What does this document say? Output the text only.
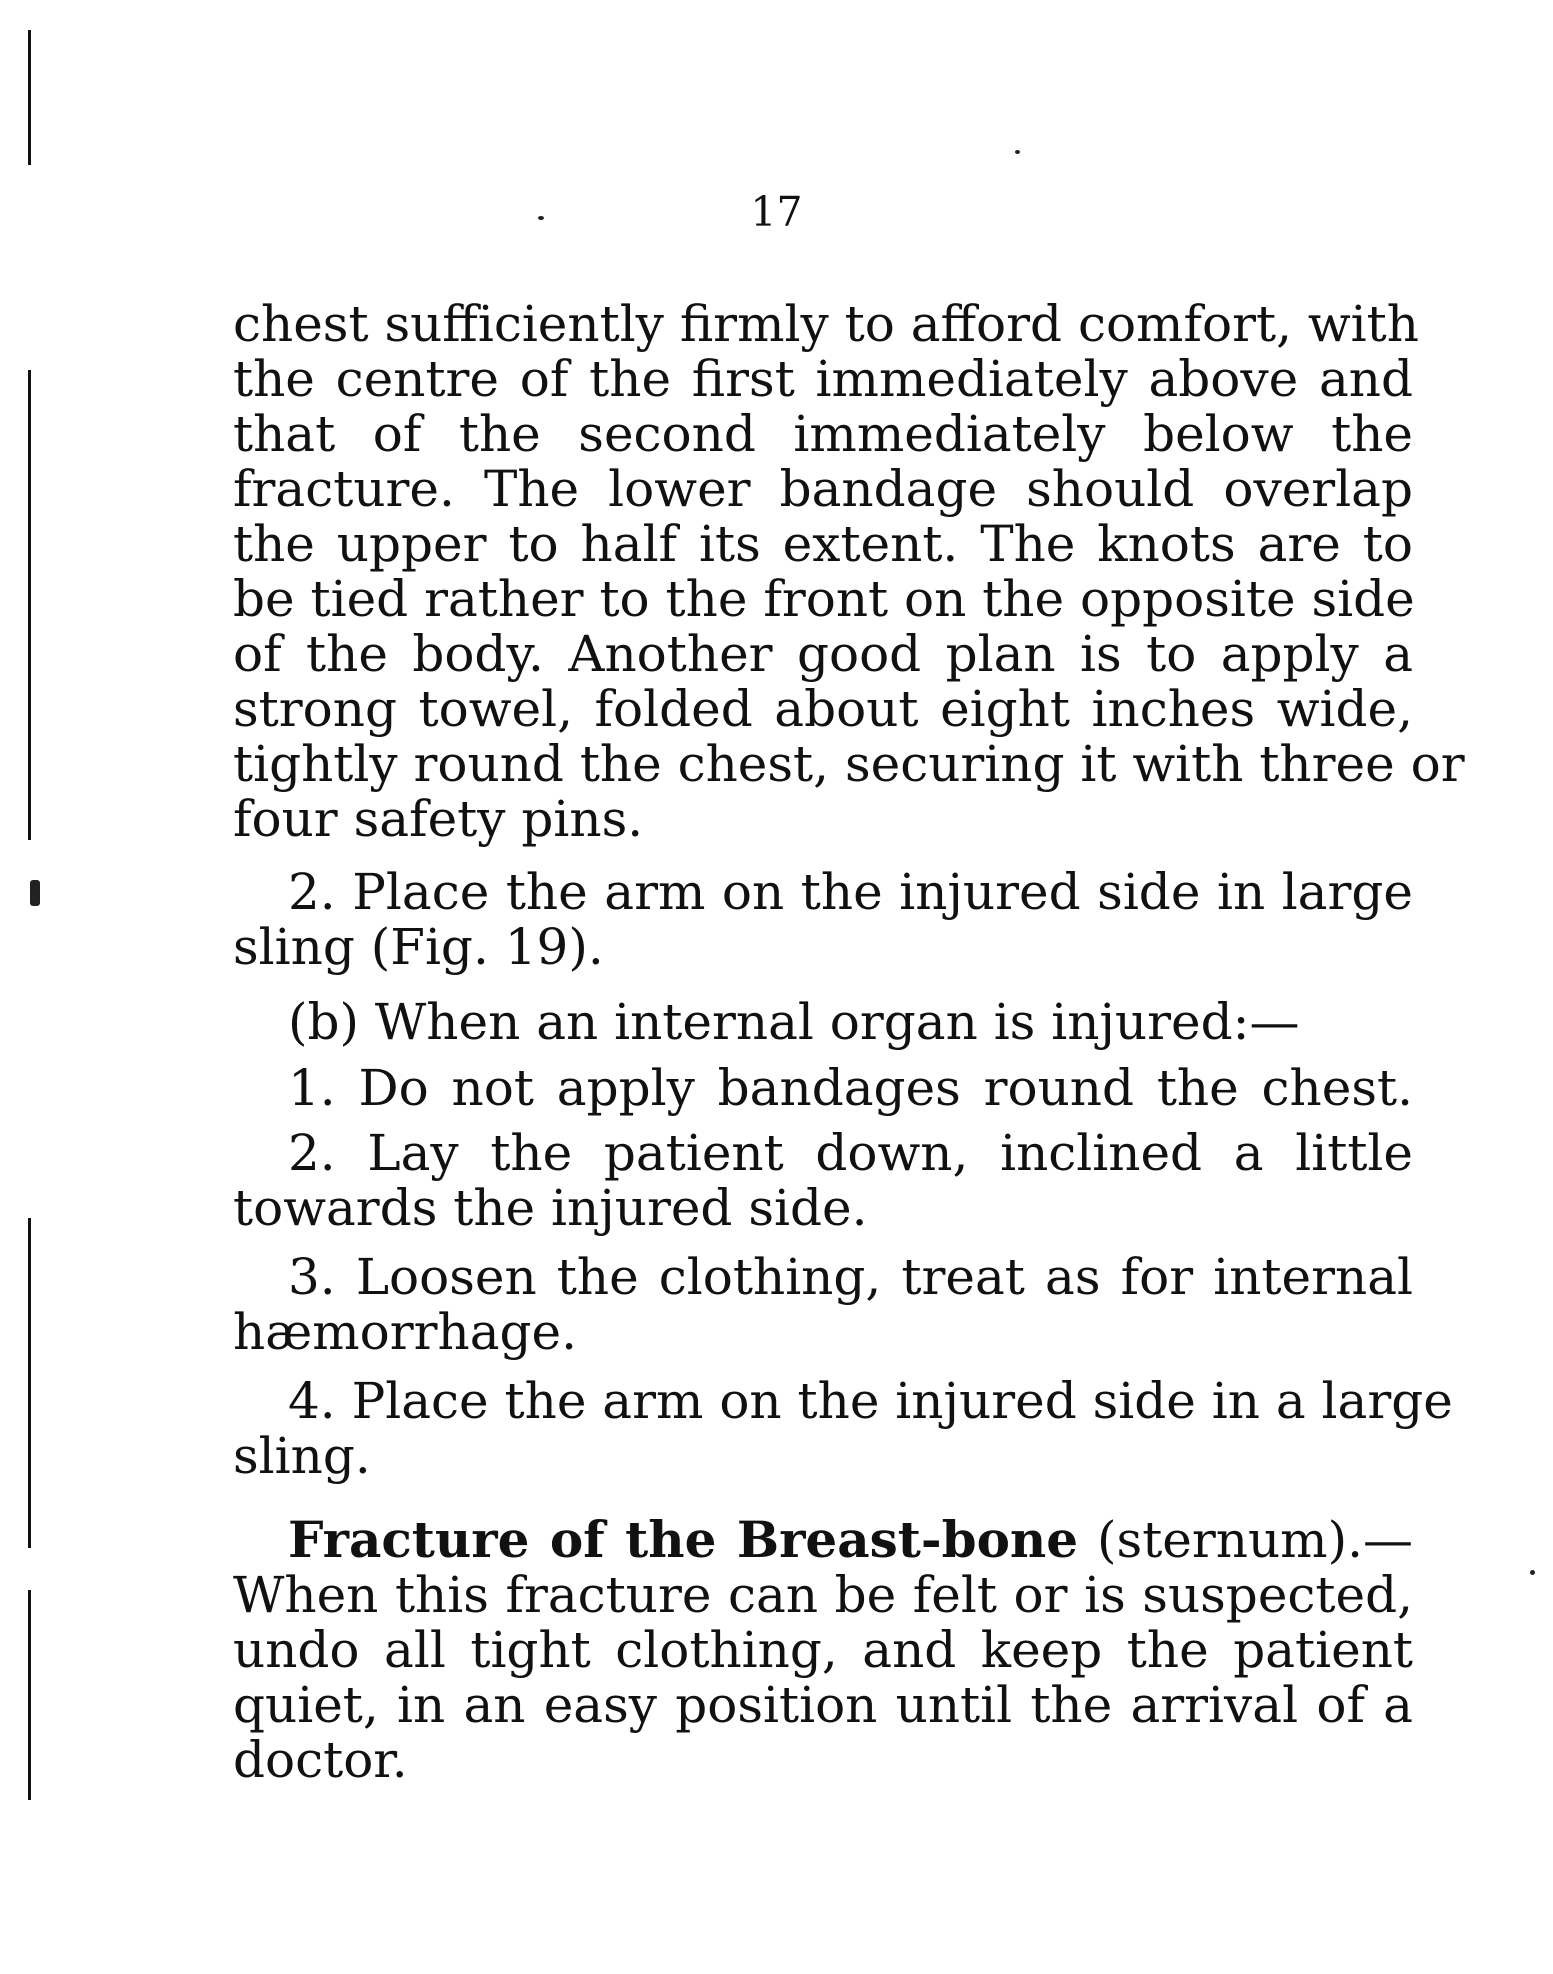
17
chest sufficiently firmly to afford comfort, with
the centre of the first immediately above and
that of the second immediately below the
fracture. The lower bandage should overlap
the upper to half its extent. The knots are to
be tied rather to the front on the opposite side
of the body. Another good plan is to apply a
strong towel, folded about eight inches wide,
tightly round the chest, securing it with three or
four safety pins.
2. Place the arm on the injured side in large
sling (Fig. 19).
(b) When an internal organ is injured:—
1. Do not apply bandages round the chest.
2. Lay the patient down, inclined a little
towards the injured side.
3. Loosen the clothing, treat as for internal
hæmorrhage.
4. Place the arm on the injured side in a large
sling.
Fracture of the Breast-bone (sternum).—
When this fracture can be felt or is suspected,
undo all tight clothing, and keep the patient
quiet, in an easy position until the arrival of a
doctor.
